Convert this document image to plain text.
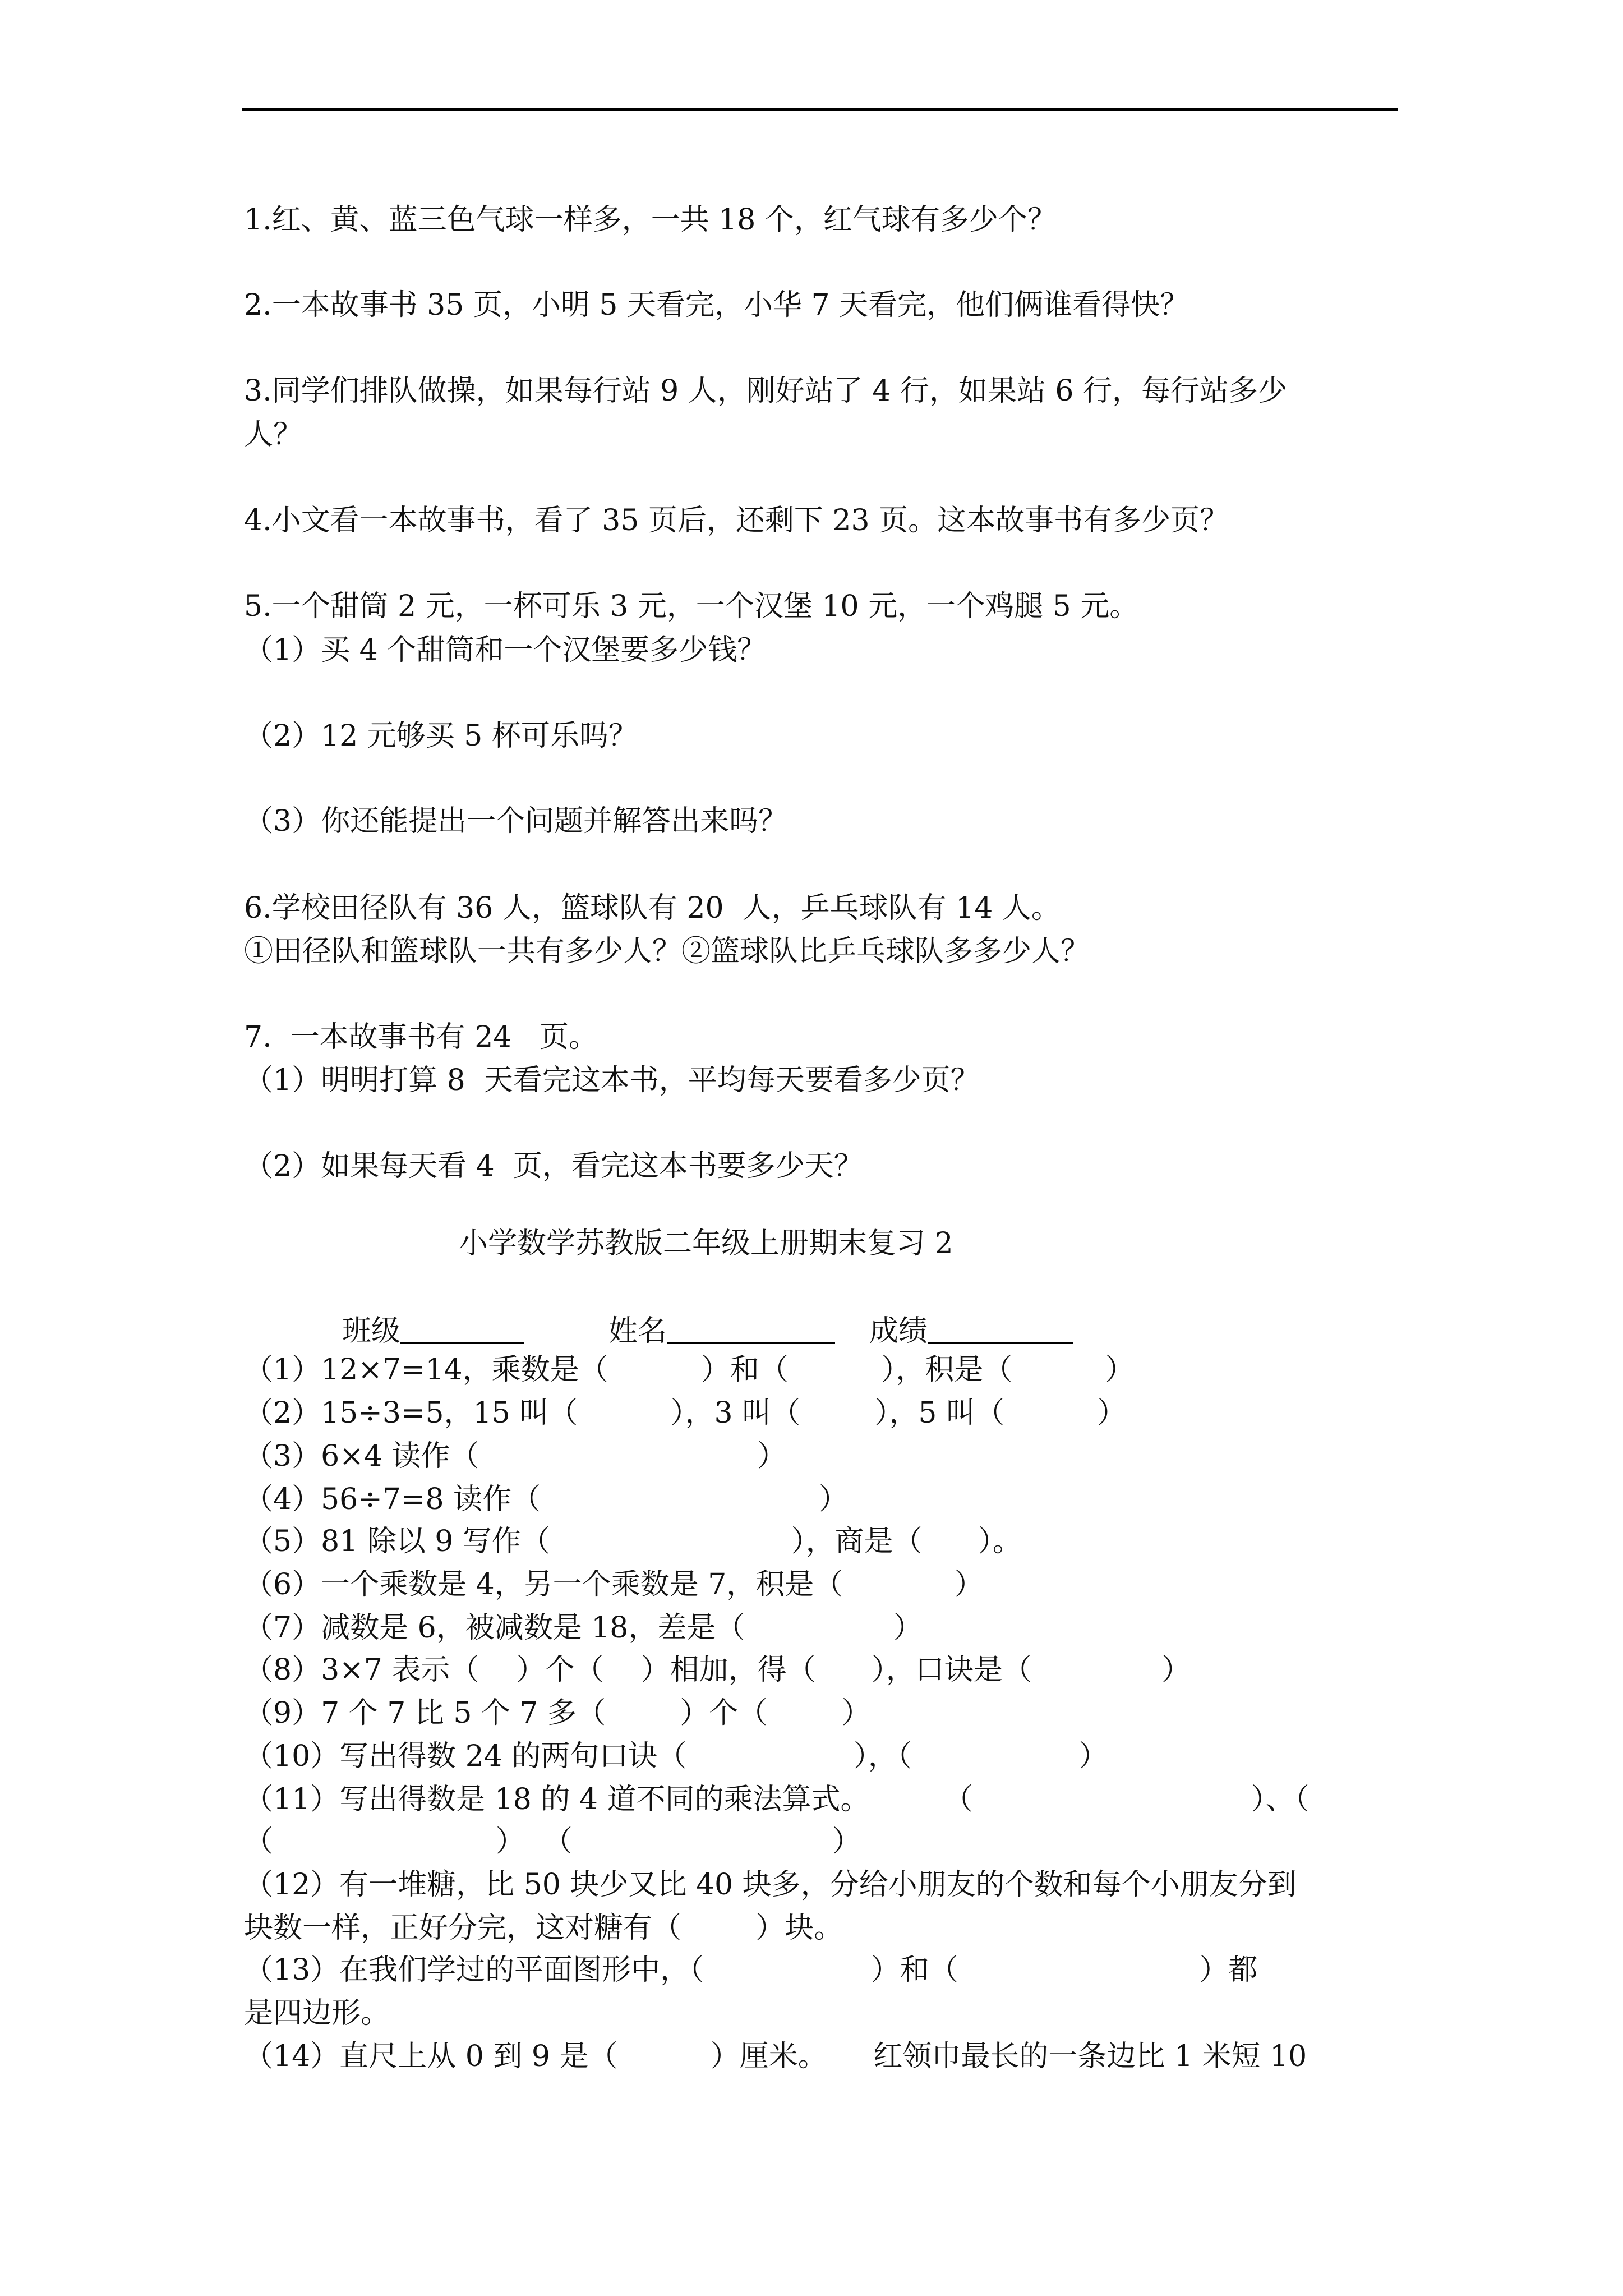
1.红、黄、蓝三色气球一样多，一共 18 个，红气球有多少个？
2.一本故事书 35 页，小明 5 天看完，小华 7 天看完，他们俩谁看得快？
3.同学们排队做操，如果每行站 9 人，刚好站了 4 行，如果站 6 行，每行站多少
人？
4.小文看一本故事书，看了 35 页后，还剩下 23 页。这本故事书有多少页？
5.一个甜筒 2 元，一杯可乐 3 元，一个汉堡 10 元，一个鸡腿 5 元。
（1）买 4 个甜筒和一个汉堡要多少钱？
（2）12 元够买 5 杯可乐吗？
（3）你还能提出一个问题并解答出来吗？
6.学校田径队有 36 人，篮球队有 20  人，乒乓球队有 14 人。
①田径队和篮球队一共有多少人？②篮球队比乒乓球队多多少人？
7.  一本故事书有 24   页。
（1）明明打算 8  天看完这本书，平均每天要看多少页？
（2）如果每天看 4  页，看完这本书要多少天？
小学数学苏教版二年级上册期末复习 2
班级	姓名	成绩
（1）12×7=14，乘数是（          ）和（          ），积是（          ）
（2）15÷3=5，15 叫（          ），3 叫（        ），5 叫（          ）
（3）6×4 读作（                              ）
（4）56÷7=8 读作（                              ）
（5）81 除以 9 写作（                          ），商是（      ）。
（6）一个乘数是 4，另一个乘数是 7，积是（            ）
（7）减数是 6，被减数是 18，差是（                ）
（8）3×7 表示（    ）个（    ）相加，得（      ），口诀是（              ）
（9）7 个 7 比 5 个 7 多（        ）个（        ）
（10）写出得数 24 的两句口诀（                  ），（                  ）
（11）写出得数是 18 的 4 道不同的乘法算式。        （                              ）、（
（                        ）  （                            ）
（12）有一堆糖，比 50 块少又比 40 块多，分给小朋友的个数和每个小朋友分到
块数一样，正好分完，这对糖有（        ）块。
（13）在我们学过的平面图形中，（                  ）和（                          ）都
是四边形。
（14）直尺上从 0 到 9 是（          ）厘米。     红领巾最长的一条边比 1 米短 10
